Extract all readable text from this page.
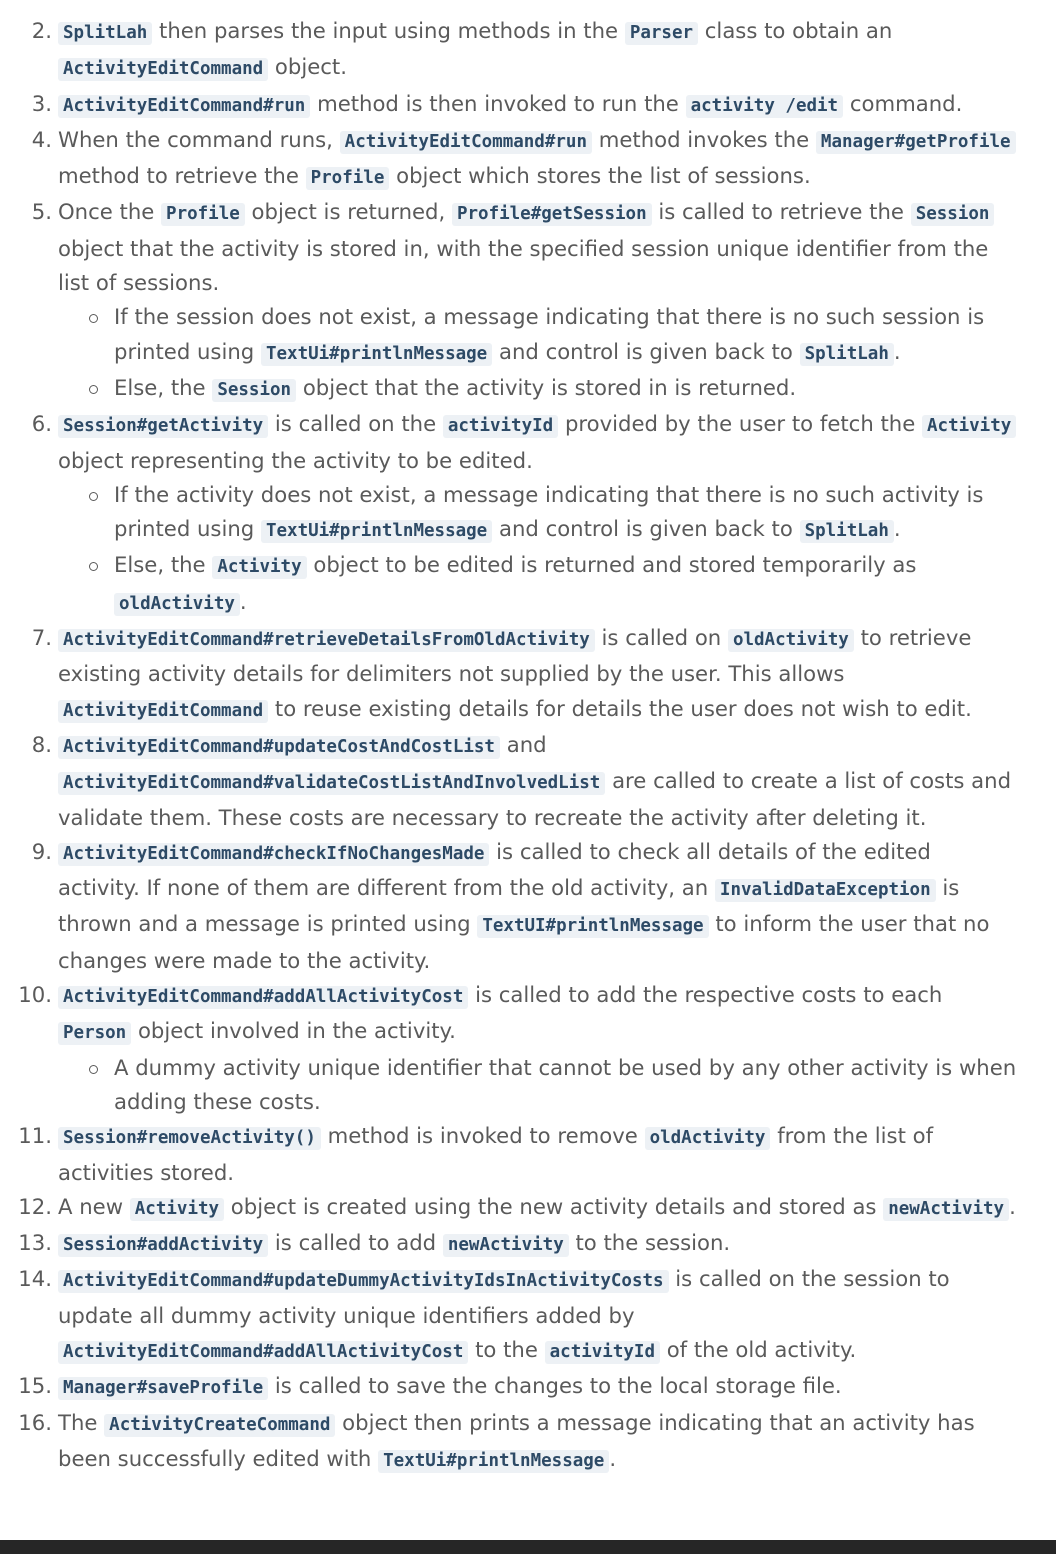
2. SplitLah then parses the input using methods in the Parser class to obtain an ActivityEditCommand object.
3. ActivityEditCommand#run method is then invoked to run the activity /edit command.
4. When the command runs, ActivityEditCommand#run method invokes the Manager#getProfile method to retrieve the Profile object which stores the list of sessions.
5. Once the Profile object is returned, Profile#getSession is called to retrieve the Session object that the activity is stored in, with the specified session unique identifier from the list of sessions.
If the session does not exist, a message indicating that there is no such session is printed using TextUi#printlnMessage and control is given back to SplitLah .
Else, the Session object that the activity is stored in is returned.
6. Session#getActivity is called on the activityId provided by the user to fetch the Activity object representing the activity to be edited.
If the activity does not exist, a message indicating that there is no such activity is printed using TextUi#printlnMessage and control is given back to SplitLah .
Else, the Activity object to be edited is returned and stored temporarily as oldActivity .
7. ActivityEditCommand#retrieveDetailsFromOldActivity is called on oldActivity to retrieve existing activity details for delimiters not supplied by the user. This allows ActivityEditCommand to reuse existing details for details the user does not wish to edit.
8. ActivityEditCommand#updateCostAndCostList and ActivityEditCommand#validateCostListAndInvolvedList are called to create a list of costs and validate them. These costs are necessary to recreate the activity after deleting it.
9. ActivityEditCommand#checkIfNoChangesMade is called to check all details of the edited activity. If none of them are different from the old activity, an InvalidDataException is thrown and a message is printed using TextUI#printlnMessage to inform the user that no changes were made to the activity.
10. ActivityEditCommand#addAllActivityCost is called to add the respective costs to each Person object involved in the activity.
A dummy activity unique identifier that cannot be used by any other activity is when adding these costs.
11. Session#removeActivity() method is invoked to remove oldActivity from the list of activities stored.
12. A new Activity object is created using the new activity details and stored as newActivity .
13. Session#addActivity is called to add newActivity to the session.
14. ActivityEditCommand#updateDummyActivityIdsInActivityCosts is called on the session to update all dummy activity unique identifiers added by ActivityEditCommand#addAllActivityCost to the activityId of the old activity.
15. Manager#saveProfile is called to save the changes to the local storage file.
16. The ActivityCreateCommand object then prints a message indicating that an activity has been successfully edited with TextUi#printlnMessage .
